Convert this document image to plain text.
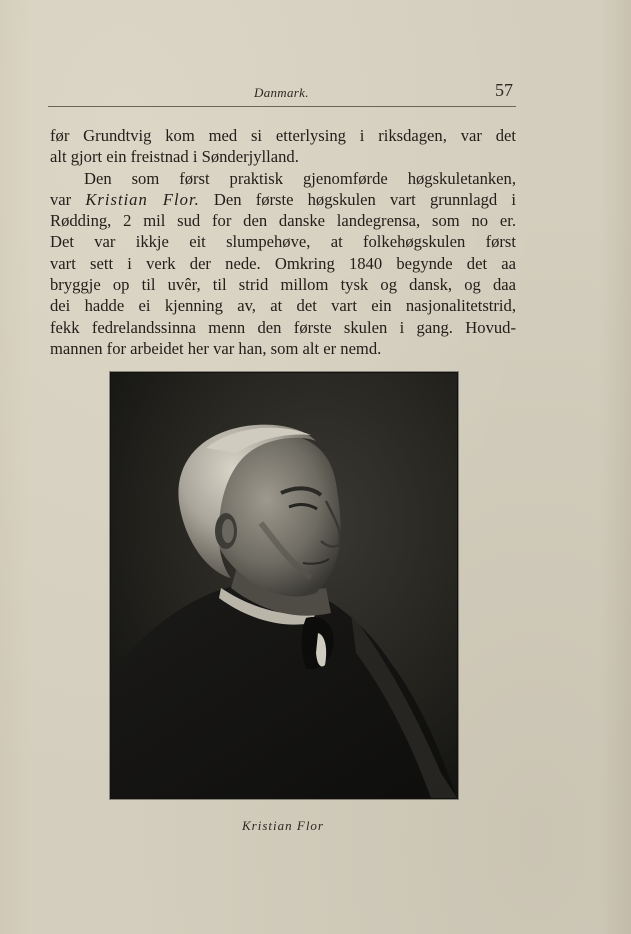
Danmark.	57
før Grundtvig kom med si etterlysing i riksdagen, var det
alt gjort ein freistnad i Sønderjylland.
Den som først praktisk gjenomførde høgskuletanken,
var Kristian Flor. Den første høgskulen vart grunnlagd i
Rødding, 2 mil sud for den danske landegrensa, som no er.
Det var ikkje eit slumpehøve, at folkehøgskulen først
vart sett i verk der nede. Omkring 1840 begynde det aa
bryggje op til uvêr, til strid millom tysk og dansk, og daa
dei hadde ei kjenning av, at det vart ein nasjonalitetstrid,
fekk fedrelandssinna menn den første skulen i gang. Hovud-
mannen for arbeidet her var han, som alt er nemd.
Kristian Flor
